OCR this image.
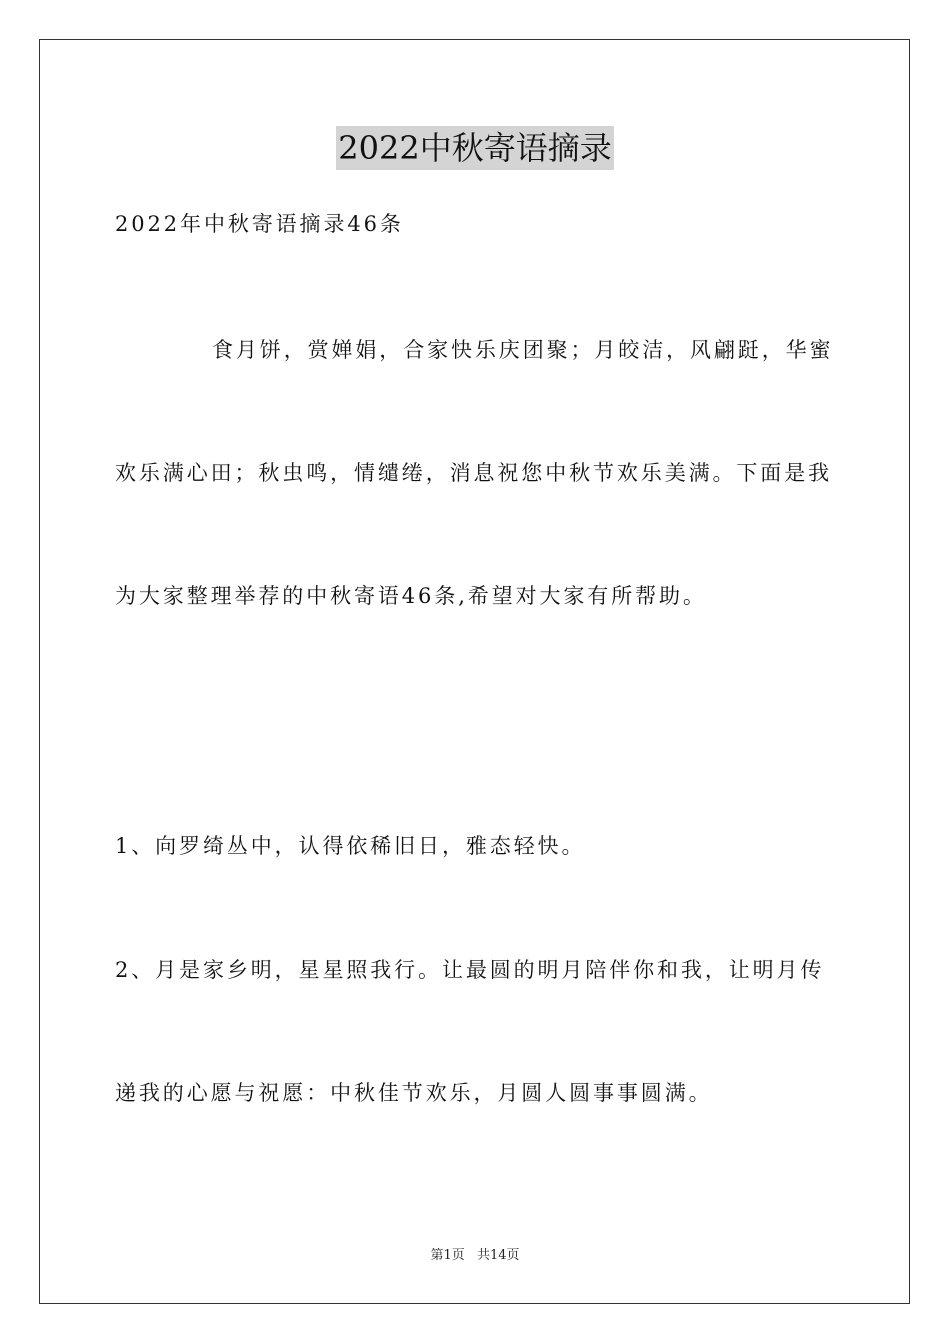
2022中秋寄语摘录
2022年中秋寄语摘录46条
食月饼，赏婵娟，合家快乐庆团聚；月皎洁，风翩跹，华蜜
欢乐满心田；秋虫鸣，情缱绻，消息祝您中秋节欢乐美满。下面是我
为大家整理举荐的中秋寄语46条,希望对大家有所帮助。
1、向罗绮丛中，认得依稀旧日，雅态轻快。
2、月是家乡明，星星照我行。让最圆的明月陪伴你和我，让明月传
递我的心愿与祝愿：中秋佳节欢乐，月圆人圆事事圆满。
第1页 共14页
